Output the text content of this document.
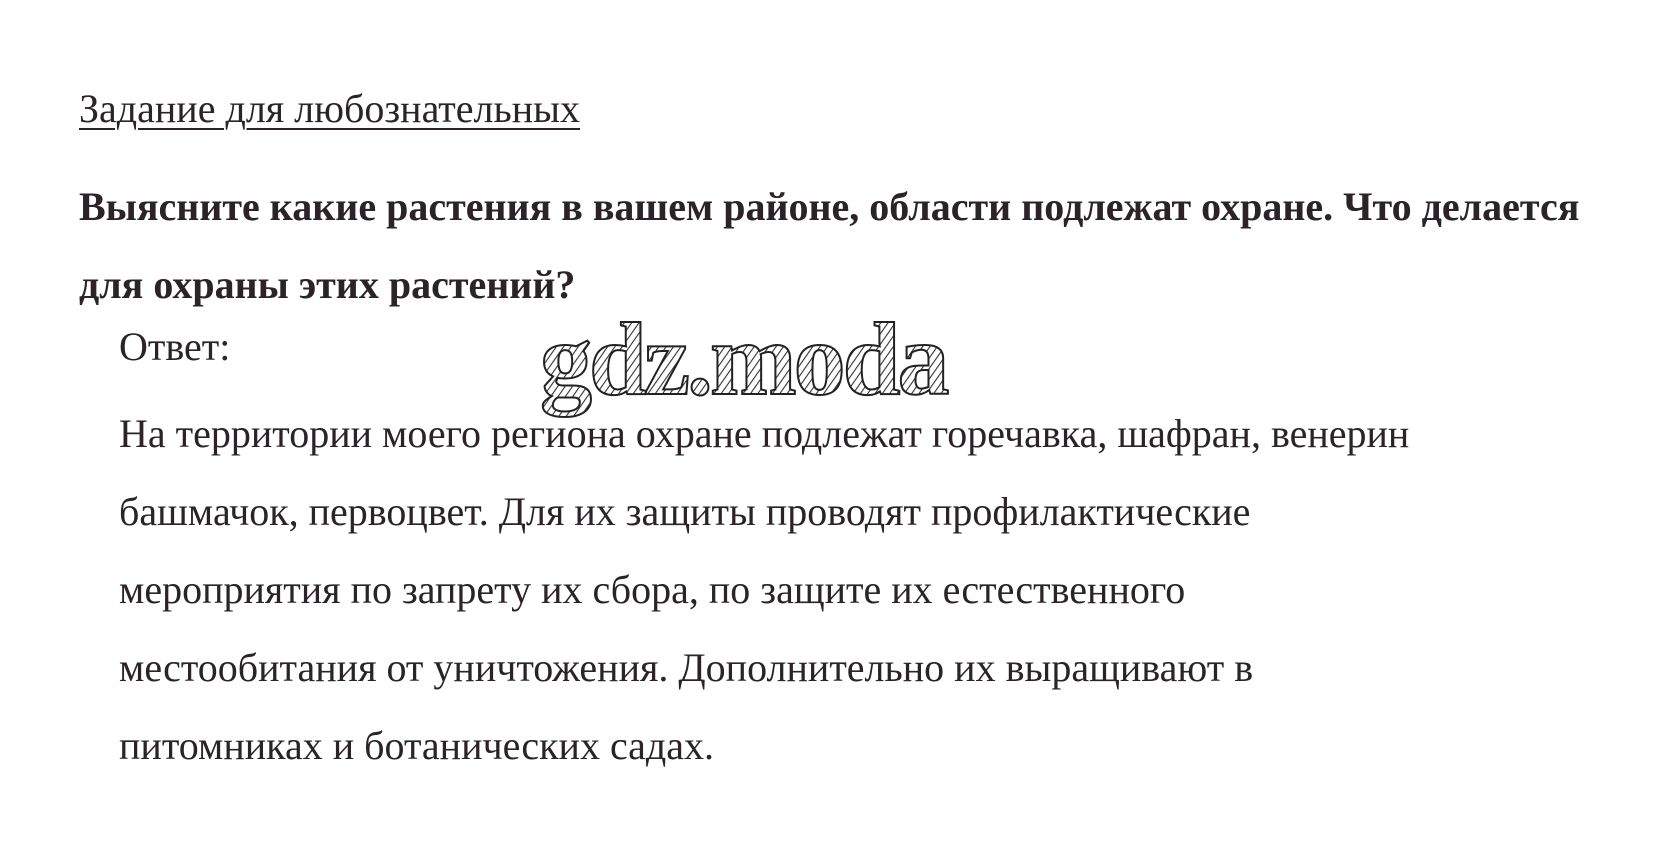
Задание для любознательных
Выясните какие растения в вашем районе, области подлежат охране. Что делается для охраны этих растений?
Ответ:
На территории моего региона охране подлежат горечавка, шафран, венерин
башмачок, первоцвет. Для их защиты проводят профилактические
мероприятия по запрету их сбора, по защите их естественного
местообитания от уничтожения. Дополнительно их выращивают в
питомниках и ботанических садах.
gdz.moda
